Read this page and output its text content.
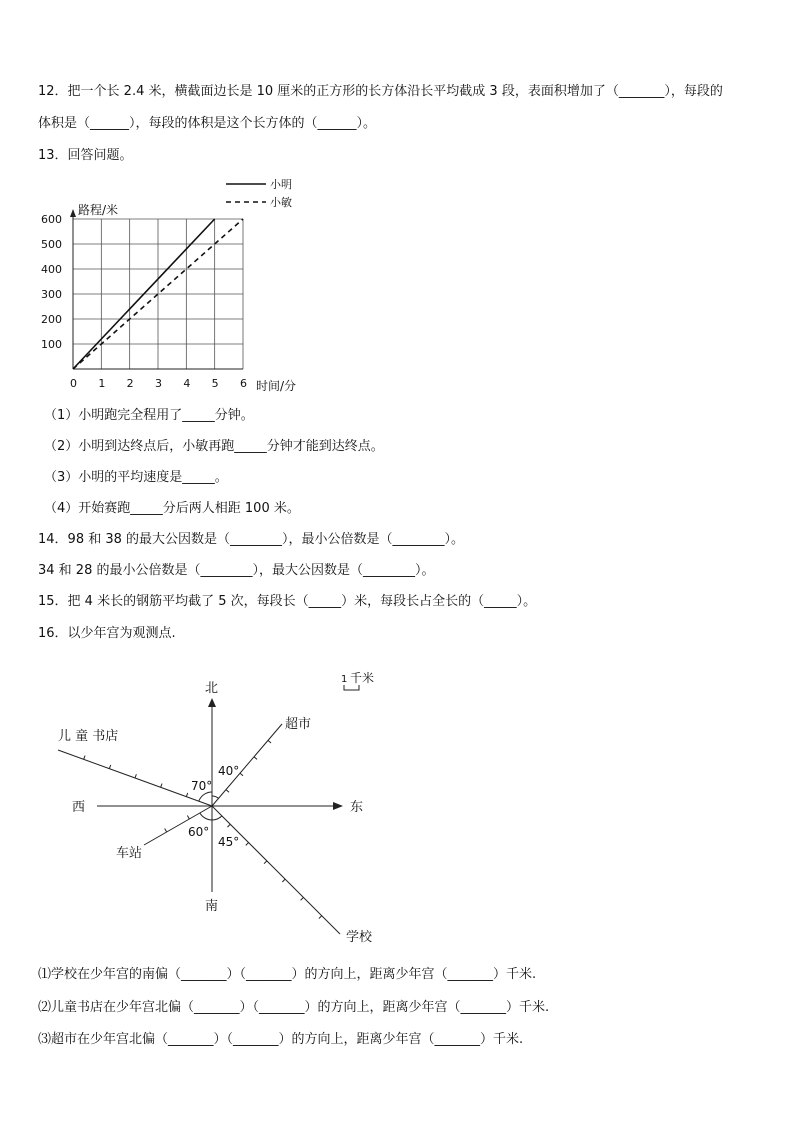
12．把一个长 2.4 米，横截面边长是 10 厘米的正方形的长方体沿长平均截成 3 段，表面积增加了（_______），每段的
体积是（______），每段的体积是这个长方体的（______）。
13．回答问题。
0 1 2 3 4 5 6
100
200
300
400
500
600
小明
小敏
路程/米
时间/分
（1）小明跑完全程用了_____分钟。
（2）小明到达终点后，小敏再跑_____分钟才能到达终点。
（3）小明的平均速度是_____。
（4）开始赛跑_____分后两人相距 100 米。
14．98 和 38 的最大公因数是（________），最小公倍数是（________）。
34 和 28 的最小公倍数是（________），最大公因数是（________）。
15．把 4 米长的钢筋平均截了 5 次，每段长（_____）米，每段长占全长的（_____）。
16．以少年宫为观测点.
1 千米
北
南
东
西
70°
40°
60°
45°
儿 童 书店
超市
车站
学校
⑴学校在少年宫的南偏（_______）（_______）的方向上，距离少年宫（_______）千米.
⑵儿童书店在少年宫北偏（_______）（_______）的方向上，距离少年宫（_______）千米.
⑶超市在少年宫北偏（_______）（_______）的方向上，距离少年宫（_______）千米.
